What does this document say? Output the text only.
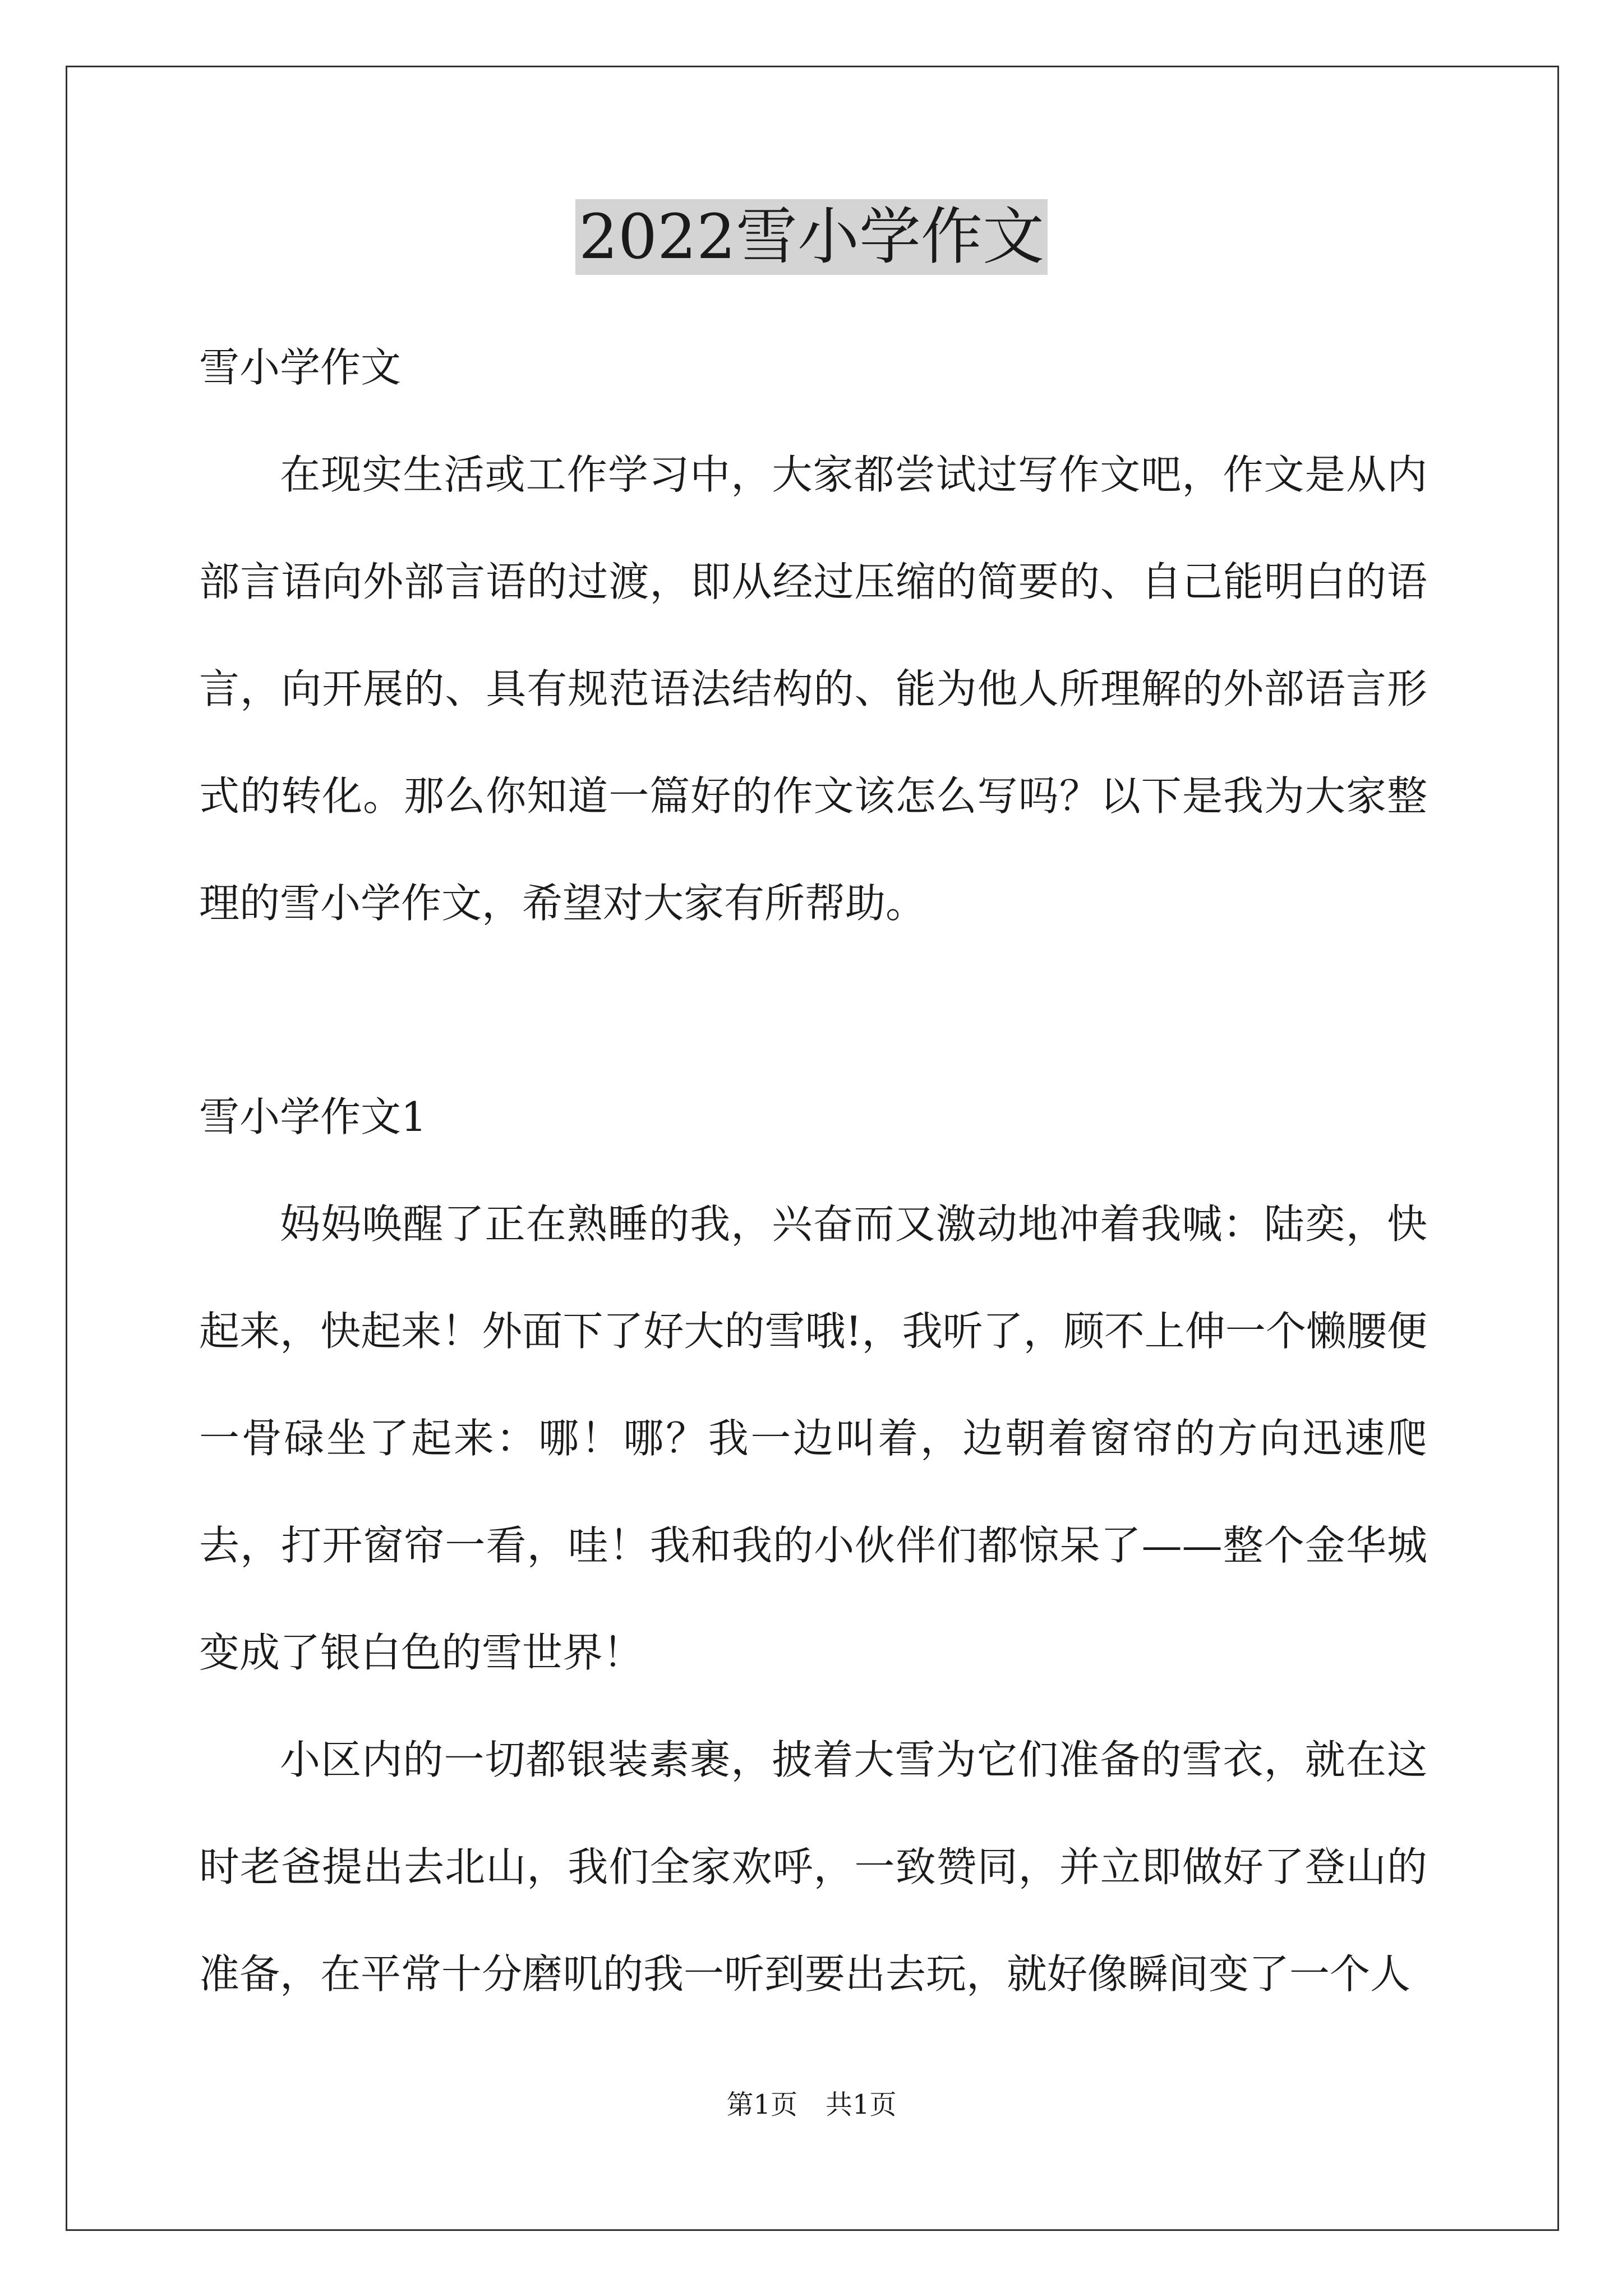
2022雪小学作文

雪小学作文

在现实生活或工作学习中，大家都尝试过写作文吧，作文是从内部言语向外部言语的过渡，即从经过压缩的简要的、自己能明白的语言，向开展的、具有规范语法结构的、能为他人所理解的外部语言形式的转化。那么你知道一篇好的作文该怎么写吗？以下是我为大家整理的雪小学作文，希望对大家有所帮助。

雪小学作文1

妈妈唤醒了正在熟睡的我，兴奋而又激动地冲着我喊：陆奕，快起来，快起来！外面下了好大的雪哦!，我听了，顾不上伸一个懒腰便一骨碌坐了起来：哪！哪？我一边叫着，边朝着窗帘的方向迅速爬去，打开窗帘一看，哇！我和我的小伙伴们都惊呆了——整个金华城变成了银白色的雪世界！

小区内的一切都银装素裹，披着大雪为它们准备的雪衣，就在这时老爸提出去北山，我们全家欢呼，一致赞同，并立即做好了登山的准备，在平常十分磨叽的我一听到要出去玩，就好像瞬间变了一个人

第1页 共1页
